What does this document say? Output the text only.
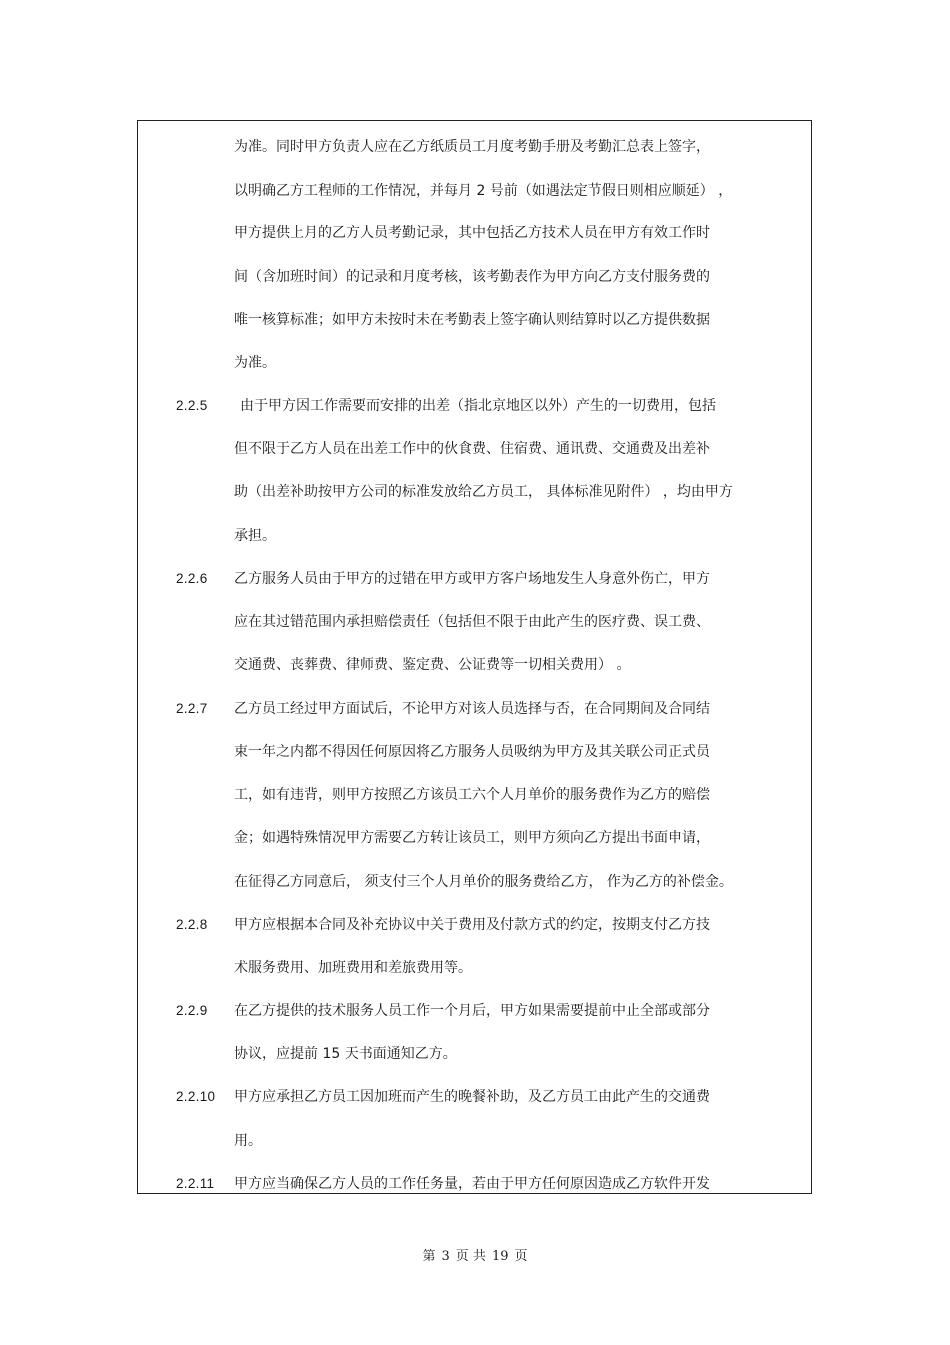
为准。同时甲方负责人应在乙方纸质员工月度考勤手册及考勤汇总表上签字，
以明确乙方工程师的工作情况，并每月 2 号前（如遇法定节假日则相应顺延） ，
甲方提供上月的乙方人员考勤记录，其中包括乙方技术人员在甲方有效工作时
间（含加班时间）的记录和月度考核，该考勤表作为甲方向乙方支付服务费的
唯一核算标准；如甲方未按时未在考勤表上签字确认则结算时以乙方提供数据
为准。
2.2.5 由于甲方因工作需要而安排的出差（指北京地区以外）产生的一切费用，包括
但不限于乙方人员在出差工作中的伙食费、住宿费、通讯费、交通费及出差补
助（出差补助按甲方公司的标准发放给乙方员工， 具体标准见附件） ，均由甲方
承担。
2.2.6 乙方服务人员由于甲方的过错在甲方或甲方客户场地发生人身意外伤亡，甲方
应在其过错范围内承担赔偿责任（包括但不限于由此产生的医疗费、误工费、
交通费、丧葬费、律师费、鉴定费、公证费等一切相关费用） 。
2.2.7 乙方员工经过甲方面试后，不论甲方对该人员选择与否，在合同期间及合同结
束一年之内都不得因任何原因将乙方服务人员吸纳为甲方及其关联公司正式员
工，如有违背，则甲方按照乙方该员工六个人月单价的服务费作为乙方的赔偿
金；如遇特殊情况甲方需要乙方转让该员工，则甲方须向乙方提出书面申请，
在征得乙方同意后， 须支付三个人月单价的服务费给乙方， 作为乙方的补偿金。
2.2.8 甲方应根据本合同及补充协议中关于费用及付款方式的约定，按期支付乙方技
术服务费用、加班费用和差旅费用等。
2.2.9 在乙方提供的技术服务人员工作一个月后，甲方如果需要提前中止全部或部分
协议，应提前 15 天书面通知乙方。
2.2.10 甲方应承担乙方员工因加班而产生的晚餐补助，及乙方员工由此产生的交通费
用。
2.2.11 甲方应当确保乙方人员的工作任务量，若由于甲方任何原因造成乙方软件开发
第 3 页 共 19 页
